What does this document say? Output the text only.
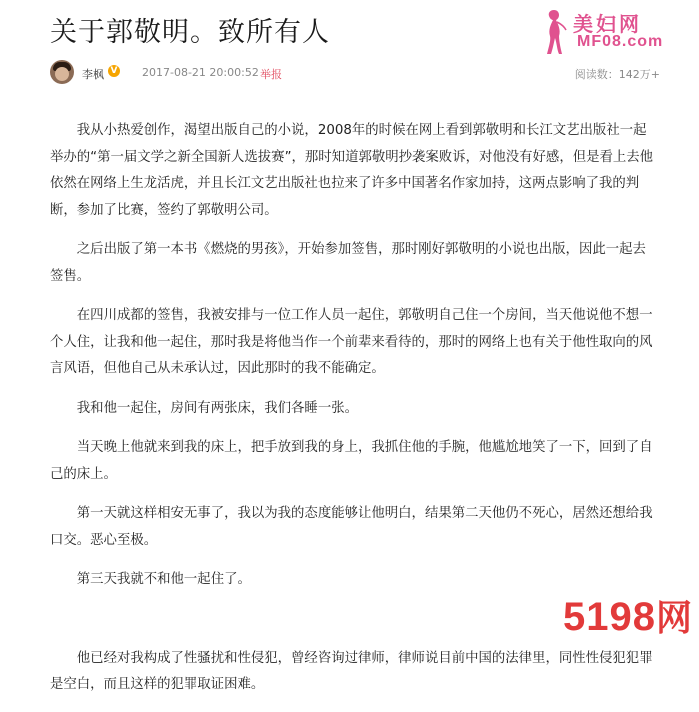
关于郭敬明。致所有人	美妇网
MF08.com
李枫 V 2017-08-21 20:00:52 举报	阅读数：142万+

我从小热爱创作，渴望出版自己的小说，2008年的时候在网上看到郭敬明和长江文艺出版社一起举办的“第一届文学之新全国新人选拔赛”，那时知道郭敬明抄袭案败诉，对他没有好感，但是看上去他依然在网络上生龙活虎，并且长江文艺出版社也拉来了许多中国著名作家加持，这两点影响了我的判断，参加了比赛，签约了郭敬明公司。

之后出版了第一本书《燃烧的男孩》，开始参加签售，那时刚好郭敬明的小说也出版，因此一起去签售。

在四川成都的签售，我被安排与一位工作人员一起住，郭敬明自己住一个房间，当天他说他不想一个人住，让我和他一起住，那时我是将他当作一个前辈来看待的，那时的网络上也有关于他性取向的风言风语，但他自己从未承认过，因此那时的我不能确定。

我和他一起住，房间有两张床，我们各睡一张。

当天晚上他就来到我的床上，把手放到我的身上，我抓住他的手腕，他尴尬地笑了一下，回到了自己的床上。

第一天就这样相安无事了，我以为我的态度能够让他明白，结果第二天他仍不死心，居然还想给我口交。恶心至极。

第三天我就不和他一起住了。

他已经对我构成了性骚扰和性侵犯，曾经咨询过律师，律师说目前中国的法律里，同性性侵犯犯罪是空白，而且这样的犯罪取证困难。

5198网
